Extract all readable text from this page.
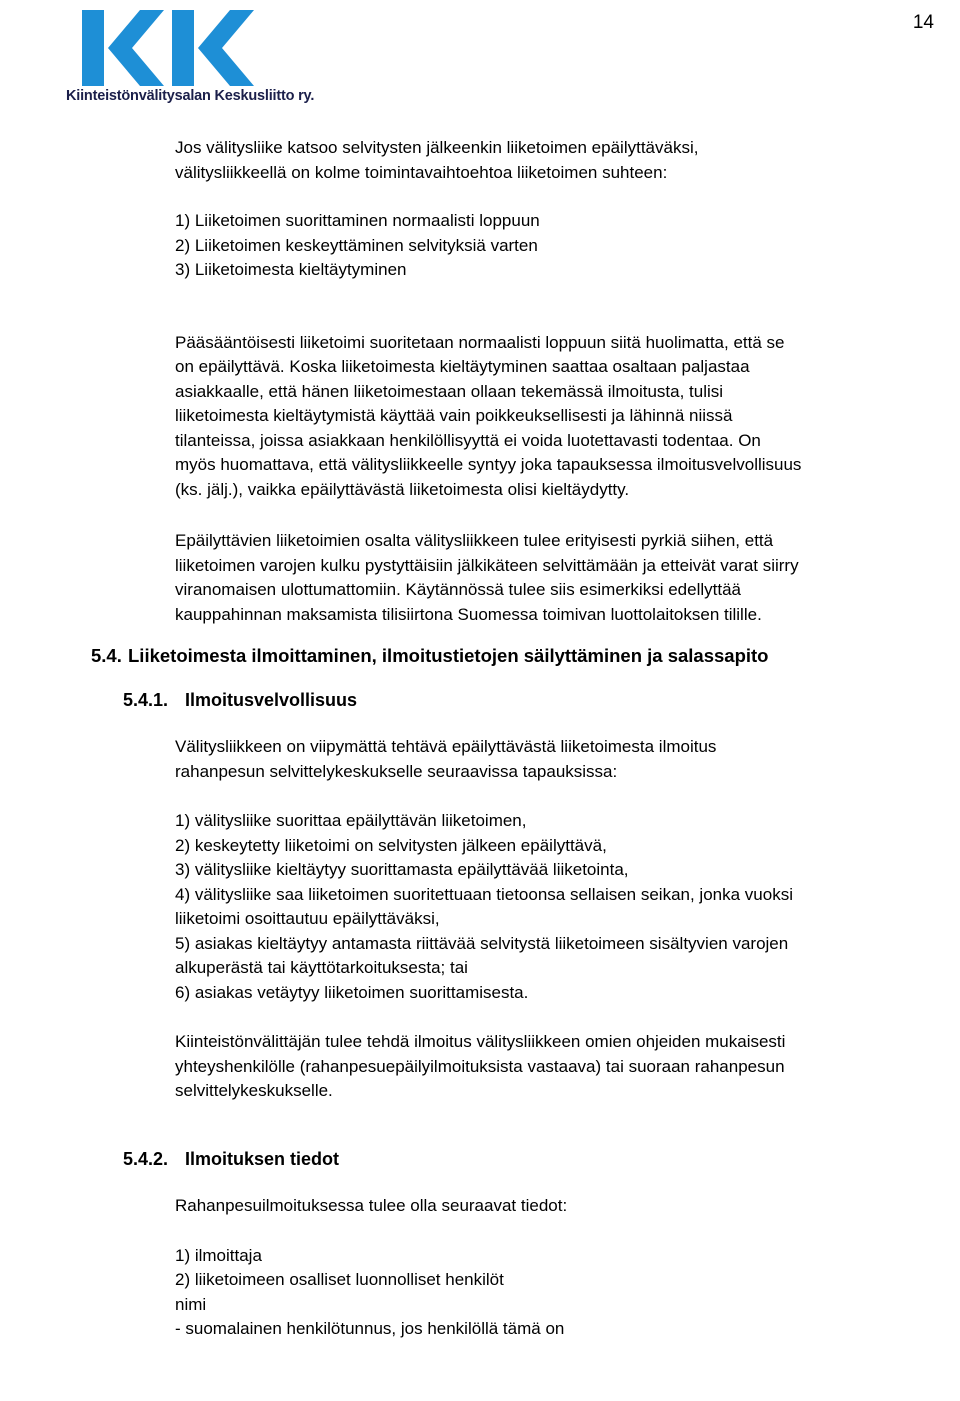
Kiinteistönvälitysalan Keskusliitto ry.
14

Jos välitysliike katsoo selvitysten jälkeenkin liiketoimen epäilyttäväksi,
välitysliikkeellä on kolme toimintavaihtoehtoa liiketoimen suhteen:

1) Liiketoimen suorittaminen normaalisti loppuun
2) Liiketoimen keskeyttäminen selvityksiä varten
3) Liiketoimesta kieltäytyminen

Pääsääntöisesti liiketoimi suoritetaan normaalisti loppuun siitä huolimatta, että se
on epäilyttävä. Koska liiketoimesta kieltäytyminen saattaa osaltaan paljastaa
asiakkaalle, että hänen liiketoimestaan ollaan tekemässä ilmoitusta, tulisi
liiketoimesta kieltäytymistä käyttää vain poikkeuksellisesti ja lähinnä niissä
tilanteissa, joissa asiakkaan henkilöllisyyttä ei voida luotettavasti todentaa. On
myös huomattava, että välitysliikkeelle syntyy joka tapauksessa ilmoitusvelvollisuus
(ks. jälj.), vaikka epäilyttävästä liiketoimesta olisi kieltäydytty.

Epäilyttävien liiketoimien osalta välitysliikkeen tulee erityisesti pyrkiä siihen, että
liiketoimen varojen kulku pystyttäisiin jälkikäteen selvittämään ja etteivät varat siirry
viranomaisen ulottumattomiin. Käytännössä tulee siis esimerkiksi edellyttää
kauppahinnan maksamista tilisiirtona Suomessa toimivan luottolaitoksen tilille.

5.4. Liiketoimesta ilmoittaminen, ilmoitustietojen säilyttäminen ja salassapito
5.4.1. Ilmoitusvelvollisuus

Välitysliikkeen on viipymättä tehtävä epäilyttävästä liiketoimesta ilmoitus
rahanpesun selvittelykeskukselle seuraavissa tapauksissa:

1) välitysliike suorittaa epäilyttävän liiketoimen,
2) keskeytetty liiketoimi on selvitysten jälkeen epäilyttävä,
3) välitysliike kieltäytyy suorittamasta epäilyttävää liiketointa,
4) välitysliike saa liiketoimen suoritettuaan tietoonsa sellaisen seikan, jonka vuoksi
liiketoimi osoittautuu epäilyttäväksi,
5) asiakas kieltäytyy antamasta riittävää selvitystä liiketoimeen sisältyvien varojen
alkuperästä tai käyttötarkoituksesta; tai
6) asiakas vetäytyy liiketoimen suorittamisesta.

Kiinteistönvälittäjän tulee tehdä ilmoitus välitysliikkeen omien ohjeiden mukaisesti
yhteyshenkilölle (rahanpesuepäilyilmoituksista vastaava) tai suoraan rahanpesun
selvittelykeskukselle.

5.4.2. Ilmoituksen tiedot

Rahanpesuilmoituksessa tulee olla seuraavat tiedot:

1) ilmoittaja
2) liiketoimeen osalliset luonnolliset henkilöt
nimi
- suomalainen henkilötunnus, jos henkilöllä tämä on
